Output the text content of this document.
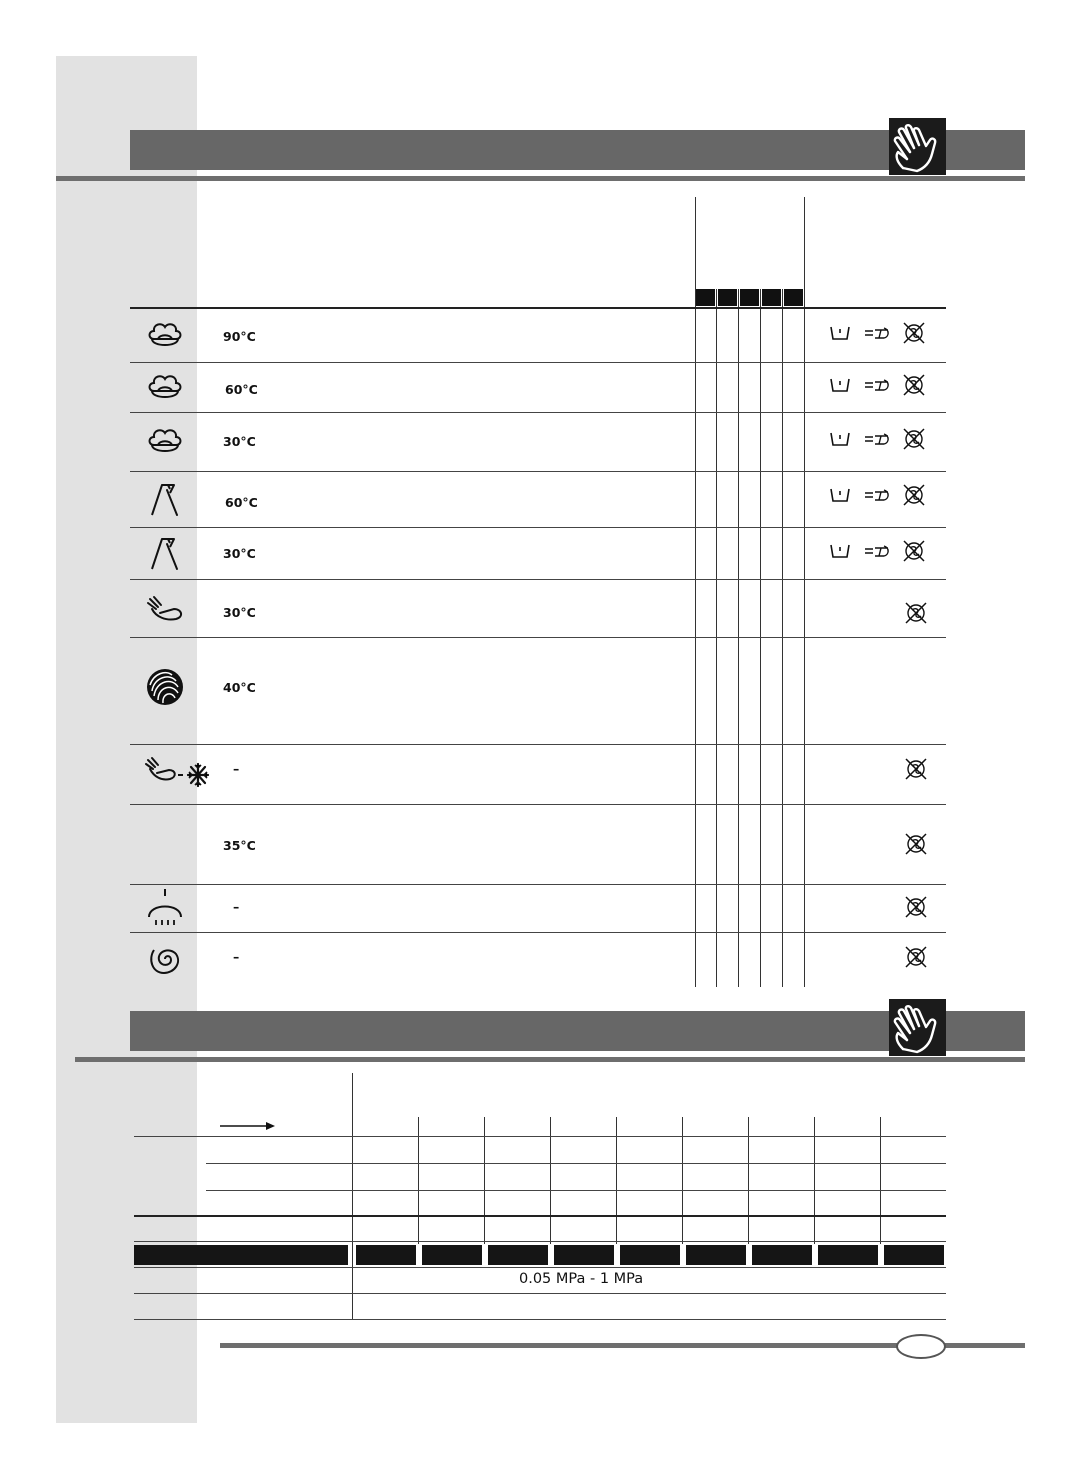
90°C
60°C
30°C
60°C
30°C
30°C
40°C
–
35°C
–
–
0.05 MPa - 1 MPa
